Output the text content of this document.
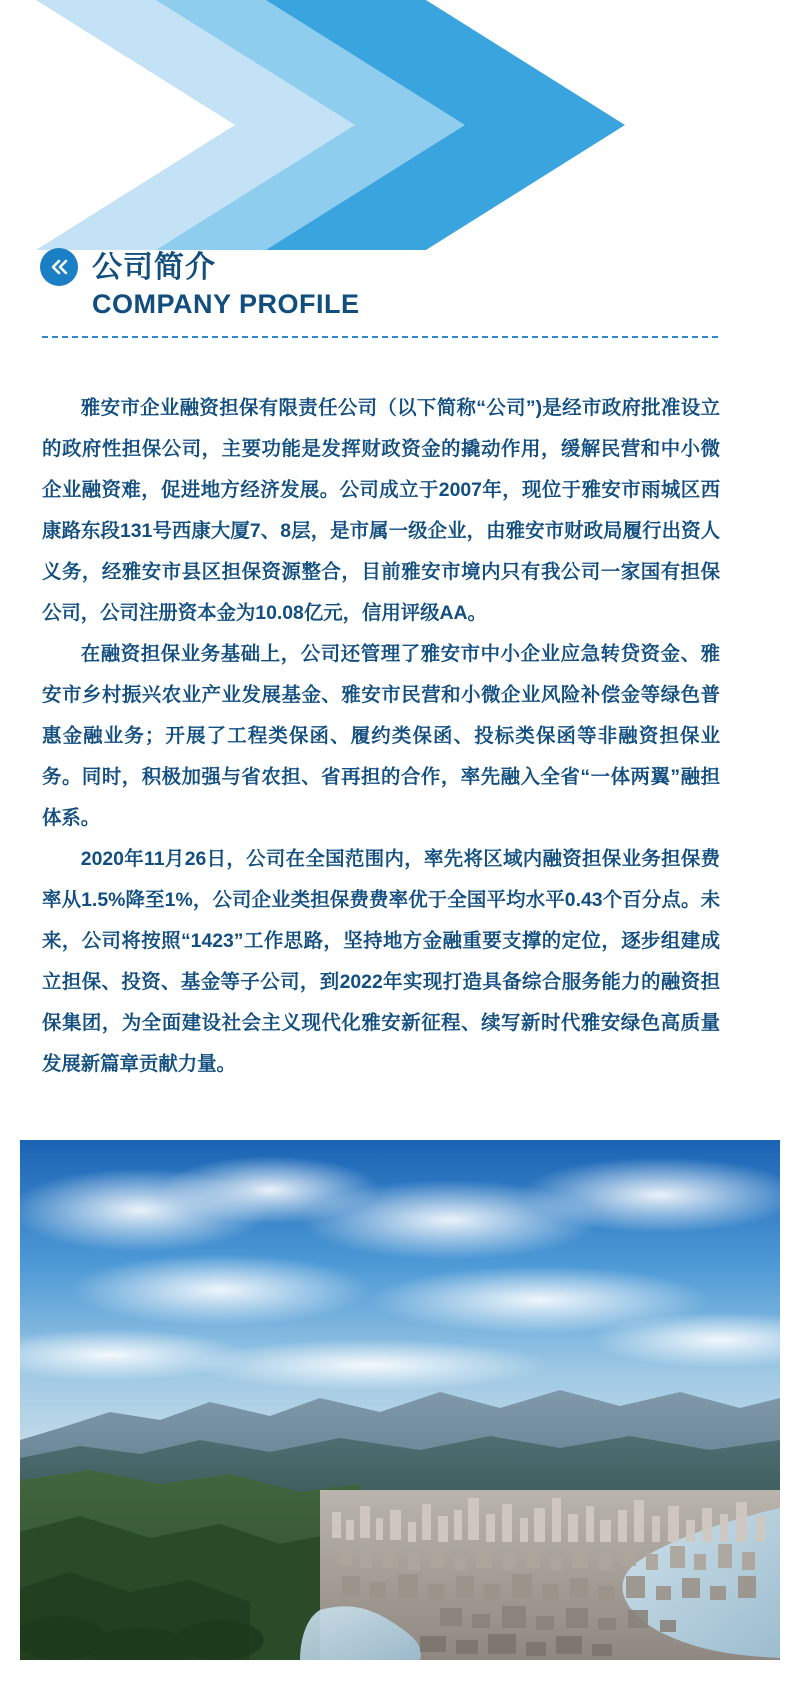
公司简介
COMPANY PROFILE

雅安市企业融资担保有限责任公司（以下简称“公司”)是经市政府批准设立的政府性担保公司，主要功能是发挥财政资金的撬动作用，缓解民营和中小微企业融资难，促进地方经济发展。公司成立于2007年，现位于雅安市雨城区西康路东段131号西康大厦7、8层，是市属一级企业，由雅安市财政局履行出资人义务，经雅安市县区担保资源整合，目前雅安市境内只有我公司一家国有担保公司，公司注册资本金为10.08亿元，信用评级AA。

在融资担保业务基础上，公司还管理了雅安市中小企业应急转贷资金、雅安市乡村振兴农业产业发展基金、雅安市民营和小微企业风险补偿金等绿色普惠金融业务；开展了工程类保函、履约类保函、投标类保函等非融资担保业务。同时，积极加强与省农担、省再担的合作，率先融入全省“一体两翼”融担体系。

2020年11月26日，公司在全国范围内，率先将区域内融资担保业务担保费率从1.5%降至1%，公司企业类担保费费率优于全国平均水平0.43个百分点。未来，公司将按照“1423”工作思路，坚持地方金融重要支撑的定位，逐步组建成立担保、投资、基金等子公司，到2022年实现打造具备综合服务能力的融资担保集团，为全面建设社会主义现代化雅安新征程、续写新时代雅安绿色高质量发展新篇章贡献力量。
